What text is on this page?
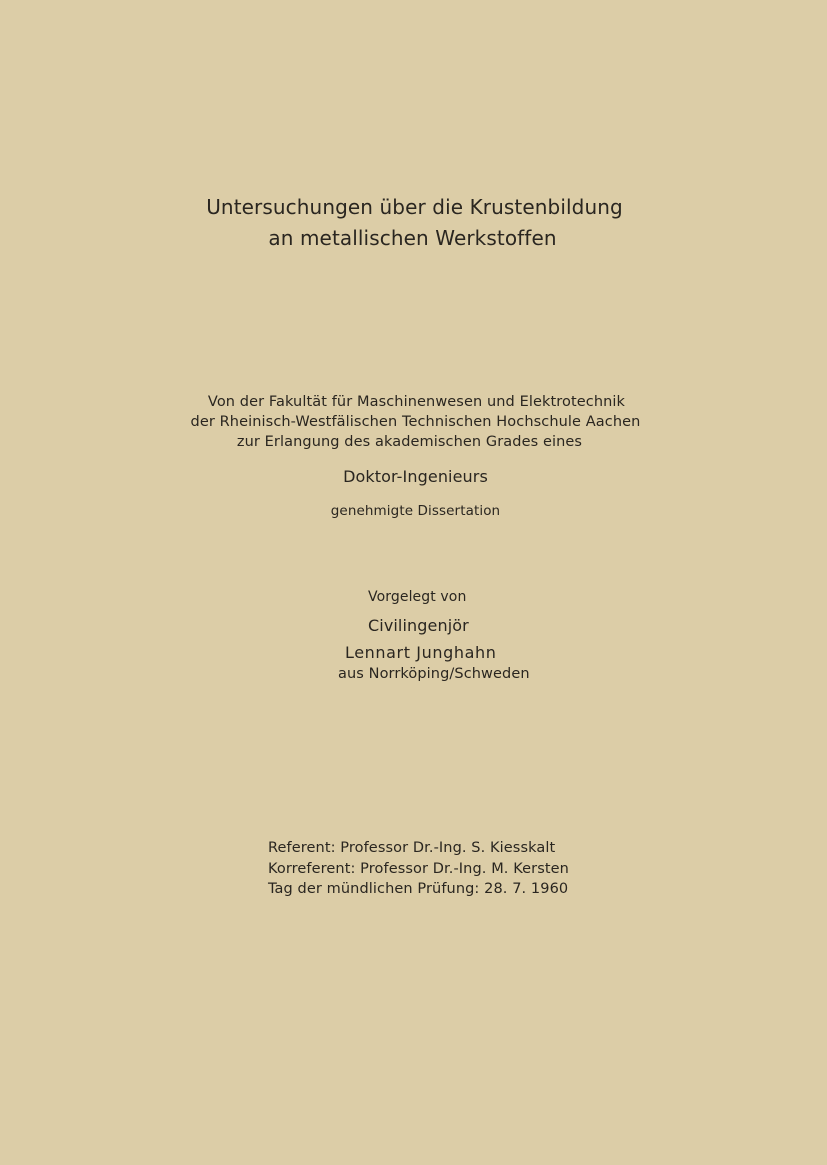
Untersuchungen über die Krustenbildung
an metallischen Werkstoffen
Von der Fakultät für Maschinenwesen und Elektrotechnik
der Rheinisch-Westfälischen Technischen Hochschule Aachen
zur Erlangung des akademischen Grades eines
Doktor-Ingenieurs
genehmigte Dissertation
Vorgelegt von
Civilingenjör
Lennart Junghahn
aus Norrköping/Schweden
Referent: Professor Dr.-Ing. S. Kiesskalt
Korreferent: Professor Dr.-Ing. M. Kersten
Tag der mündlichen Prüfung: 28. 7. 1960
